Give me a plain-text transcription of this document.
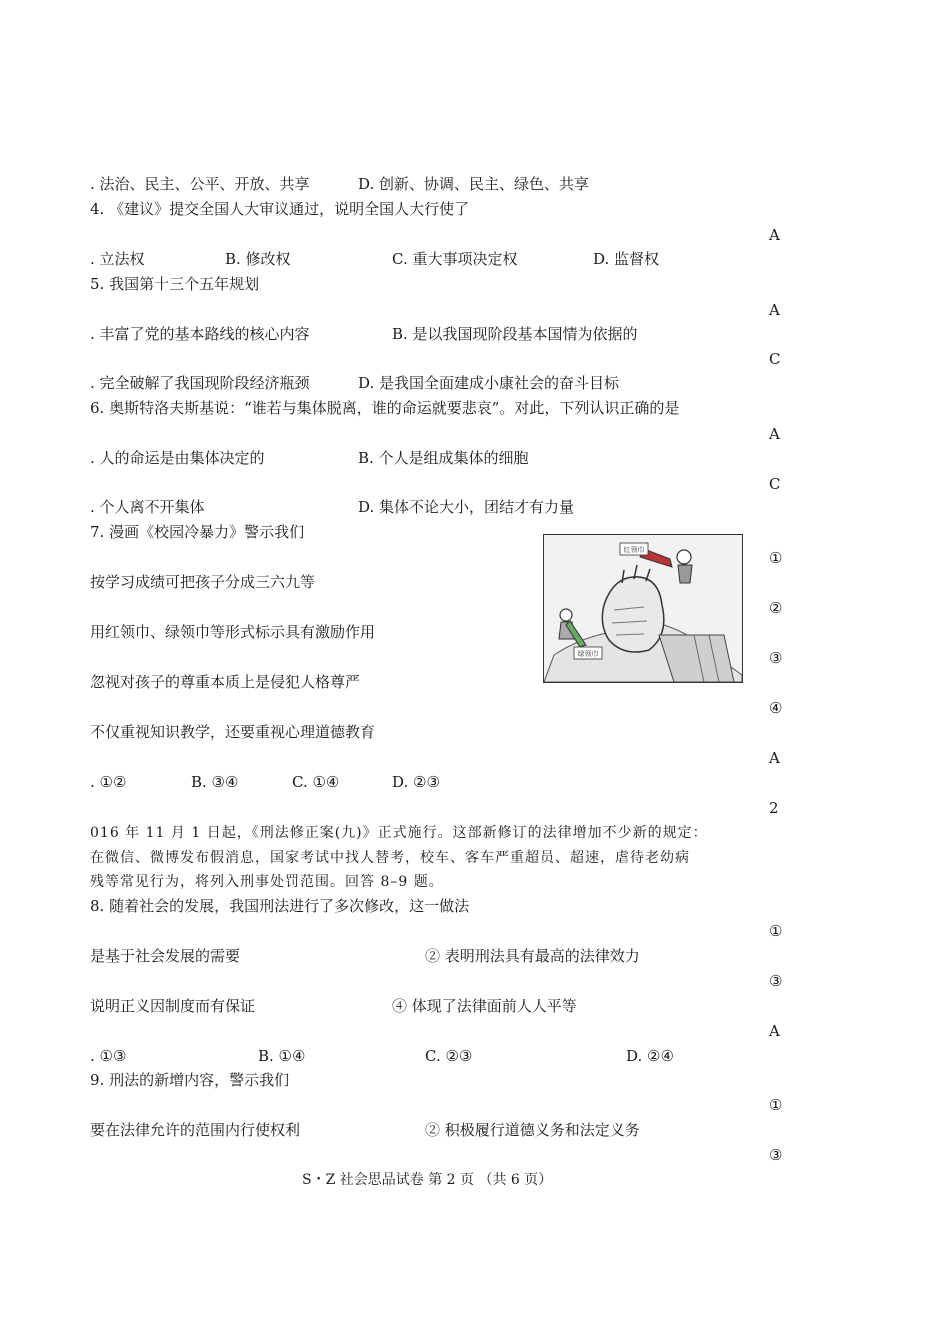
. 法治、民主、公平、开放、共享	D. 创新、协调、民主、绿色、共享
4. 《建议》提交全国人大审议通过，说明全国人大行使了
A
. 立法权	B. 修改权	C. 重大事项决定权	D. 监督权
5. 我国第十三个五年规划
A
. 丰富了党的基本路线的核心内容	B. 是以我国现阶段基本国情为依据的
C
. 完全破解了我国现阶段经济瓶颈	D. 是我国全面建成小康社会的奋斗目标
6. 奥斯特洛夫斯基说：“谁若与集体脱离，谁的命运就要悲哀”。对此，下列认识正确的是
A
. 人的命运是由集体决定的	B. 个人是组成集体的细胞
C
. 个人离不开集体	D. 集体不论大小，团结才有力量
7. 漫画《校园冷暴力》警示我们
红领巾
绿领巾
①
按学习成绩可把孩子分成三六九等
②
用红领巾、绿领巾等形式标示具有激励作用
③
忽视对孩子的尊重本质上是侵犯人格尊严
④
不仅重视知识教学，还要重视心理道德教育
A
. ①②	B. ③④	C. ①④	D. ②③
2
016 年 11 月 1 日起，《刑法修正案(九)》正式施行。这部新修订的法律增加不少新的规定：
在微信、微博发布假消息，国家考试中找人替考，校车、客车严重超员、超速，虐待老幼病
残等常见行为，将列入刑事处罚范围。回答 8–9 题。
8. 随着社会的发展，我国刑法进行了多次修改，这一做法
①
是基于社会发展的需要	② 表明刑法具有最高的法律效力
③
说明正义因制度而有保证	④ 体现了法律面前人人平等
A
. ①③	B. ①④	C. ②③	D. ②④
9. 刑法的新增内容，警示我们
①
要在法律允许的范围内行使权利	② 积极履行道德义务和法定义务
③
S・Z 社会思品试卷 第 2 页 （共 6 页）
